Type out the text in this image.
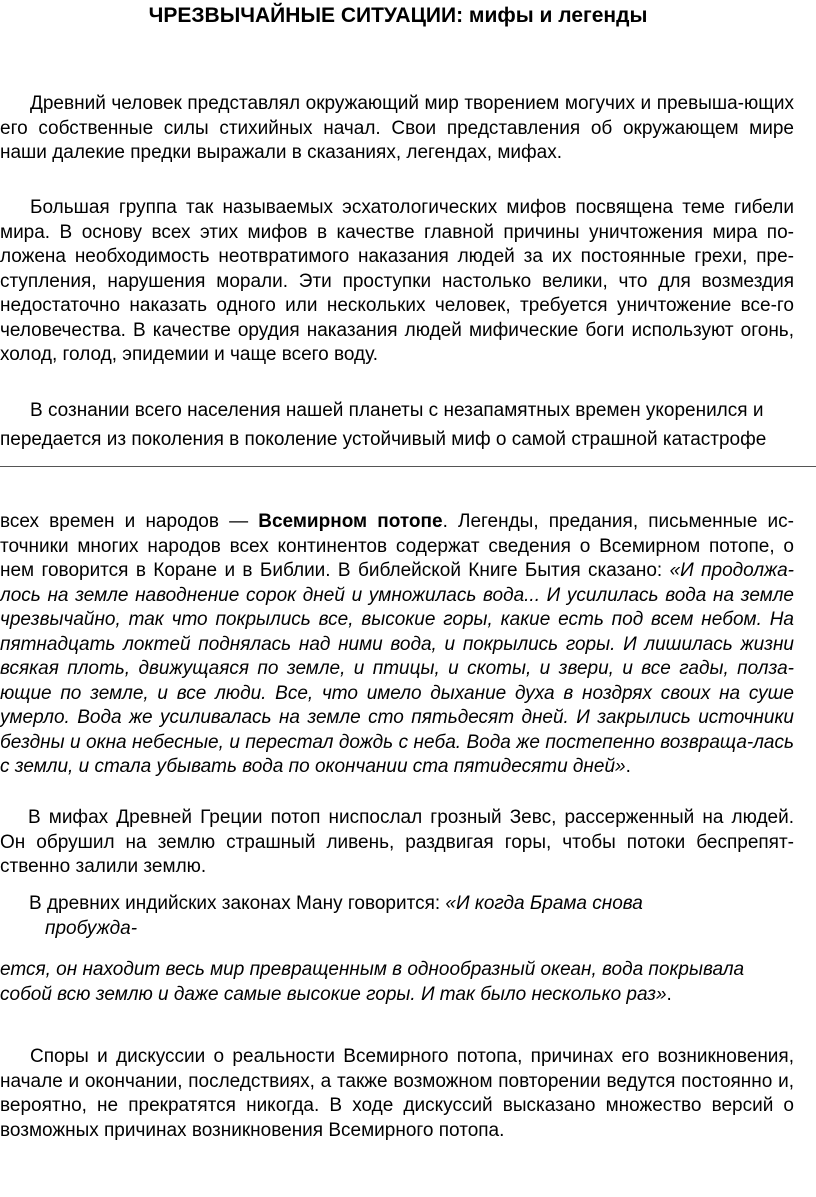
ЧРЕЗВЫЧАЙНЫЕ СИТУАЦИИ: мифы и легенды

Древний человек представлял окружающий мир творением могучих и превыша-ющих его собственные силы стихийных начал. Свои представления об окружающем мире наши далекие предки выражали в сказаниях, легендах, мифах.

Большая группа так называемых эсхатологических мифов посвящена теме гибели мира. В основу всех этих мифов в качестве главной причины уничтожения мира по-ложена необходимость неотвратимого наказания людей за их постоянные грехи, пре-ступления, нарушения морали. Эти проступки настолько велики, что для возмездия недостаточно наказать одного или нескольких человек, требуется уничтожение все-го человечества. В качестве орудия наказания людей мифические боги используют огонь, холод, голод, эпидемии и чаще всего воду.

В сознании всего населения нашей планеты с незапамятных времен укоренился и передается из поколения в поколение устойчивый миф о самой страшной катастрофе

всех времен и народов — Всемирном потопе. Легенды, предания, письменные ис-точники многих народов всех континентов содержат сведения о Всемирном потопе, о нем говорится в Коране и в Библии. В библейской Книге Бытия сказано: «И продолжа-лось на земле наводнение сорок дней и умножилась вода... И усилилась вода на земле чрезвычайно, так что покрылись все, высокие горы, какие есть под всем небом. На пятнадцать локтей поднялась над ними вода, и покрылись горы. И лишилась жизни всякая плоть, движущаяся по земле, и птицы, и скоты, и звери, и все гады, полза-ющие по земле, и все люди. Все, что имело дыхание духа в ноздрях своих на суше умерло. Вода же усиливалась на земле сто пятьдесят дней. И закрылись источники бездны и окна небесные, и перестал дождь с неба. Вода же постепенно возвраща-лась с земли, и стала убывать вода по окончании ста пятидесяти дней».

В мифах Древней Греции потоп ниспослал грозный Зевс, рассерженный на людей. Он обрушил на землю страшный ливень, раздвигая горы, чтобы потоки беспрепят-ственно залили землю.

В древних индийских законах Ману говорится: «И когда Брама снова пробужда-

ется, он находит весь мир превращенным в однообразный океан, вода покрывала собой всю землю и даже самые высокие горы. И так было несколько раз».

Споры и дискуссии о реальности Всемирного потопа, причинах его возникновения, начале и окончании, последствиях, а также возможном повторении ведутся постоянно и, вероятно, не прекратятся никогда. В ходе дискуссий высказано множество версий о возможных причинах возникновения Всемирного потопа.
